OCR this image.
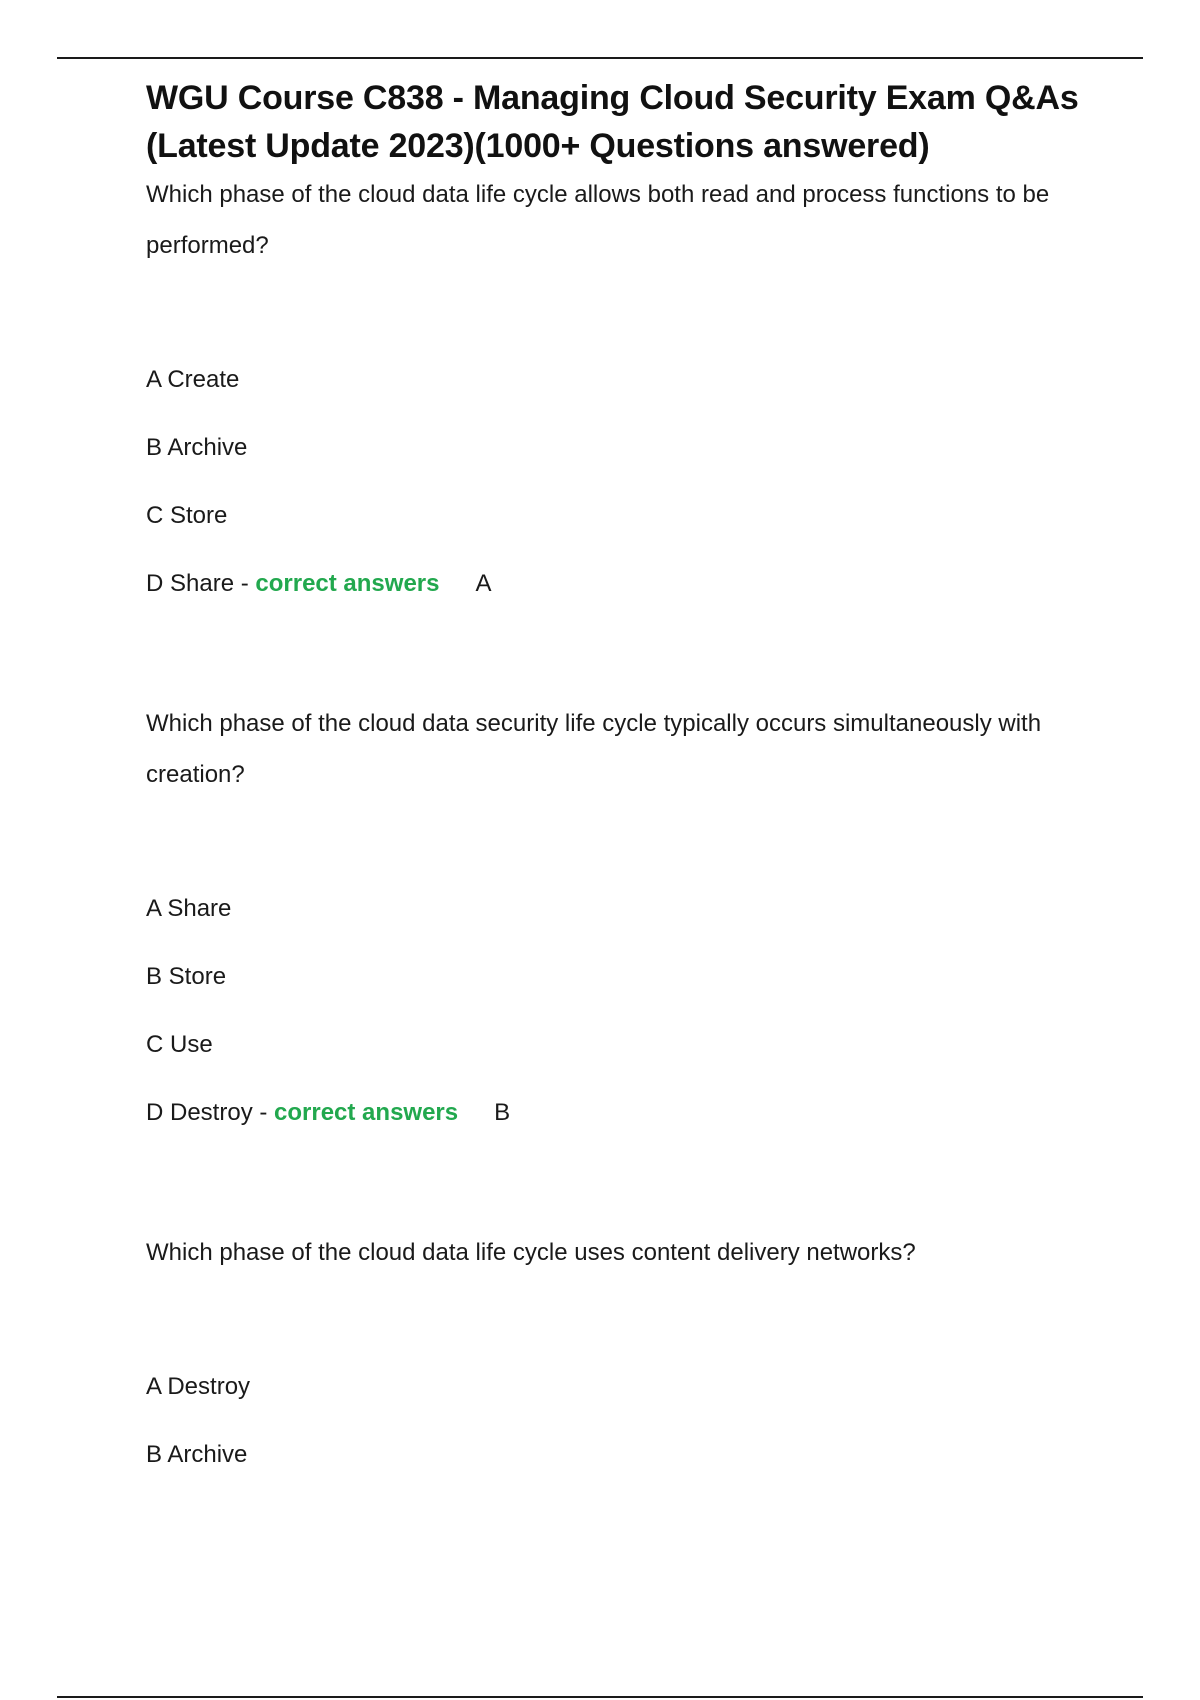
WGU Course C838 - Managing Cloud Security Exam Q&As (Latest Update 2023)(1000+ Questions answered)

Which phase of the cloud data life cycle allows both read and process functions to be performed?

A Create

B Archive

C Store

D Share - correct answers A

Which phase of the cloud data security life cycle typically occurs simultaneously with creation?

A Share

B Store

C Use

D Destroy - correct answers B

Which phase of the cloud data life cycle uses content delivery networks?

A Destroy

B Archive
